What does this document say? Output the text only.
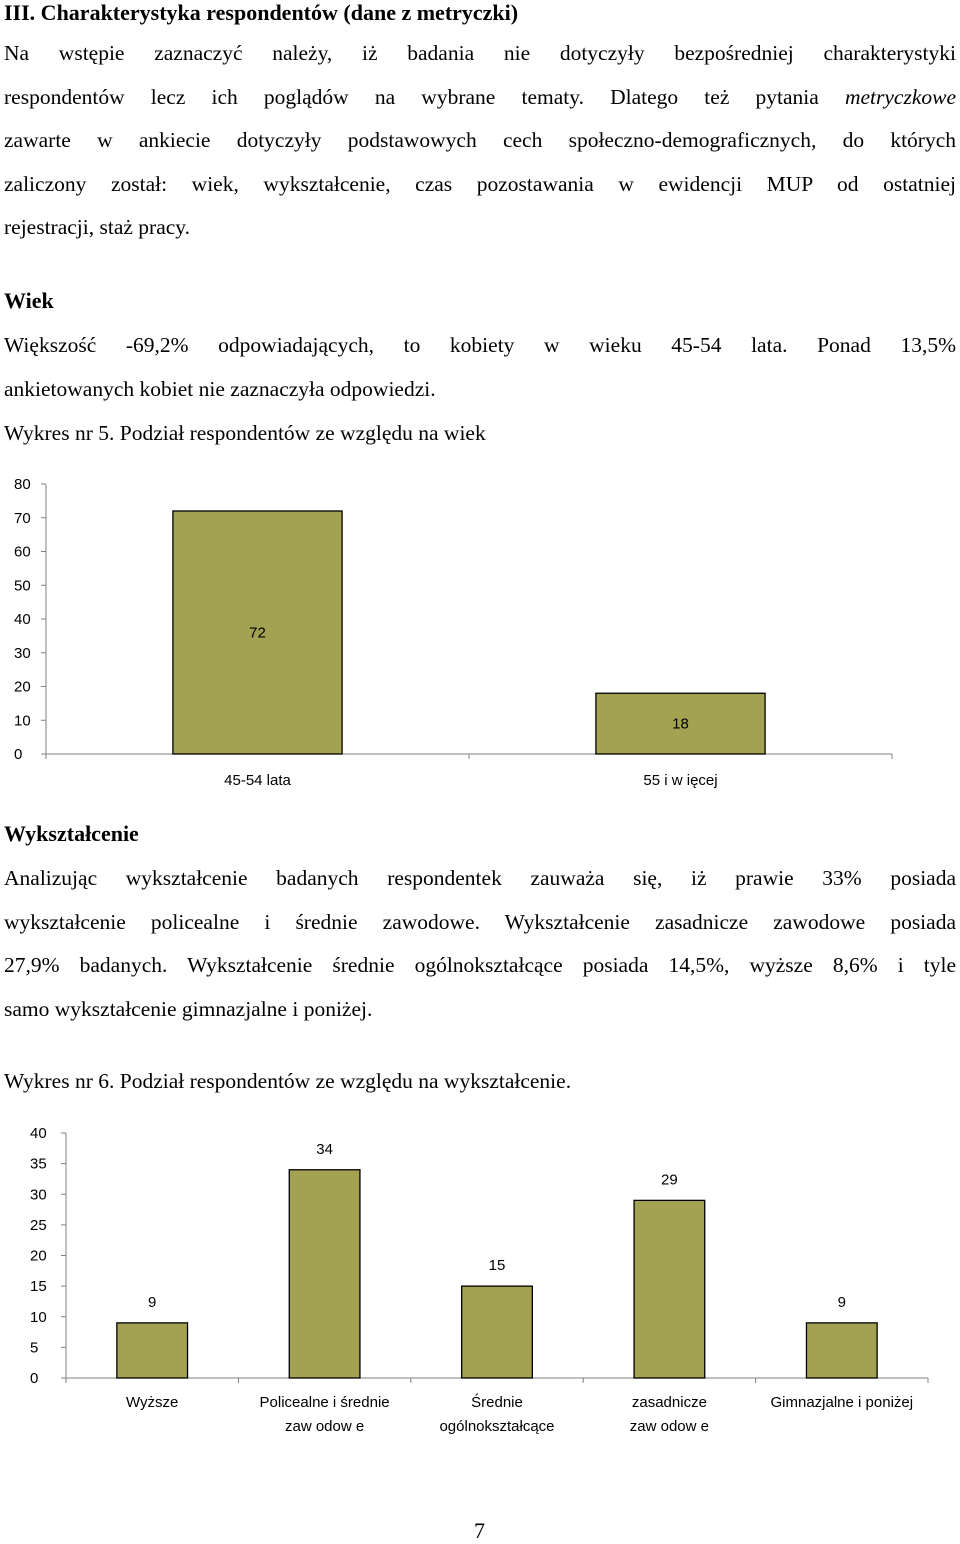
III. Charakterystyka respondentów (dane z metryczki)
Na wstępie zaznaczyć należy, iż badania nie dotyczyły bezpośredniej charakterystyki
respondentów lecz ich poglądów na wybrane tematy. Dlatego też pytania metryczkowe
zawarte w ankiecie dotyczyły podstawowych cech społeczno-demograficznych, do których
zaliczony został: wiek, wykształcenie, czas pozostawania w ewidencji MUP od ostatniej
rejestracji, staż pracy.
Wiek
Większość -69,2% odpowiadających, to kobiety w wieku 45-54 lata. Ponad 13,5%
ankietowanych kobiet nie zaznaczyła odpowiedzi.
Wykres nr 5. Podział respondentów ze względu na wiek
0
10
20
30
40
50
60
70
80
72
45-54 lata
18
55 i w ięcej
Wykształcenie
Analizując wykształcenie badanych respondentek zauważa się, iż prawie 33% posiada
wykształcenie policealne i średnie zawodowe. Wykształcenie zasadnicze zawodowe posiada
27,9% badanych. Wykształcenie średnie ogólnokształcące posiada 14,5%, wyższe 8,6% i tyle
samo wykształcenie gimnazjalne i poniżej.
Wykres nr 6. Podział respondentów ze względu na wykształcenie.
0
5
10
15
20
25
30
35
40
9
Wyższe
34
Policealne i średnie
zaw odow e
15
Średnie
ogólnokształcące
29
zasadnicze
zaw odow e
9
Gimnazjalne i poniżej
7
